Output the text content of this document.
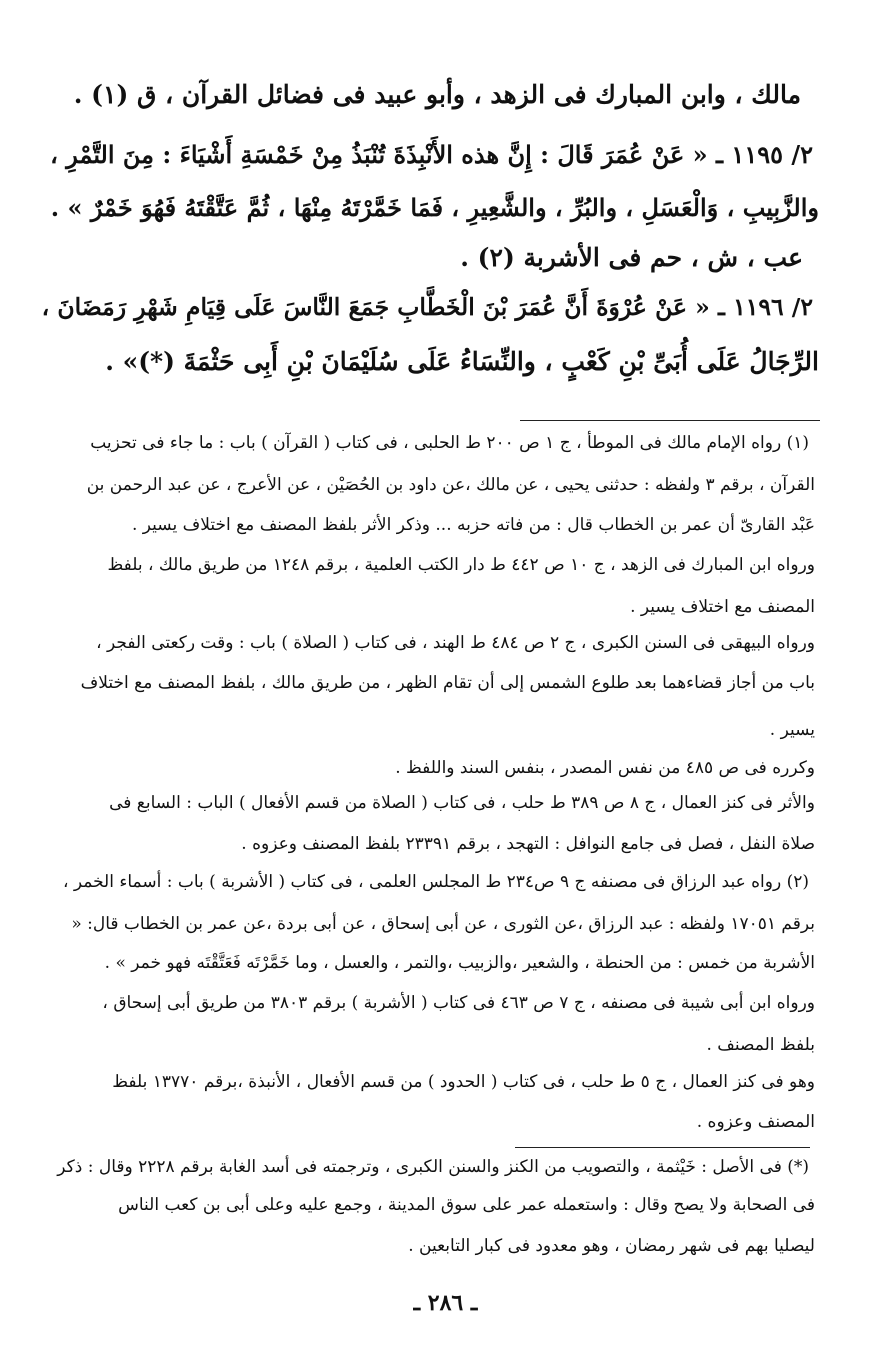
مالك ، وابن المبارك فى الزهد ، وأبو عبيد فى فضائل القرآن ، ق (١) .
٢/ ١١٩٥ ـ « عَنْ عُمَرَ قَالَ : إِنَّ هذه الأَنْبِذَةَ تُنْبَذُ مِنْ خَمْسَةِ أَشْيَاءَ : مِنَ التَّمْرِ ،
والزَّبِيبِ ، وَالْعَسَلِ ، والبُرِّ ، والشَّعِيرِ ، فَمَا خَمَّرْتَهُ مِنْهَا ، ثُمَّ عَتَّقْتَهُ فَهُوَ خَمْرٌ » .
عب ، ش ، حم فى الأشربة (٢) .
٢/ ١١٩٦ ـ « عَنْ عُرْوَةَ أَنَّ عُمَرَ بْنَ الْخَطَّابِ جَمَعَ النَّاسَ عَلَى قِيَامِ شَهْرِ رَمَضَانَ ،
الرِّجَالُ عَلَى أُبَىِّ بْنِ كَعْبٍ ، والنِّسَاءُ عَلَى سُلَيْمَانَ بْنِ أَبِى حَثْمَةَ (*)» .
(١) رواه الإمام مالك فى الموطأ ، ج ١ ص ٢٠٠ ط الحلبى ، فى كتاب ( القرآن ) باب : ما جاء فى تحزيب
القرآن ، برقم ٣ ولفظه : حدثنى يحيى ، عن مالك ،عن داود بن الحُصَيْن ، عن الأعرج ، عن عبد الرحمن بن
عَبْد القارىّ أن عمر بن الخطاب قال : من فاته حزبه ... وذكر الأثر بلفظ المصنف مع اختلاف يسير .
ورواه ابن المبارك فى الزهد ، ج ١٠ ص ٤٤٢ ط دار الكتب العلمية ، برقم ١٢٤٨ من طريق مالك ، بلفظ
المصنف مع اختلاف يسير .
ورواه البيهقى فى السنن الكبرى ، ج ٢ ص ٤٨٤ ط الهند ، فى كتاب ( الصلاة ) باب : وقت ركعتى الفجر ،
باب من أجاز قضاءهما بعد طلوع الشمس إلى أن تقام الظهر ، من طريق مالك ، بلفظ المصنف مع اختلاف
يسير .
وكرره فى ص ٤٨٥ من نفس المصدر ، بنفس السند واللفظ .
والأثر فى كنز العمال ، ج ٨ ص ٣٨٩ ط حلب ، فى كتاب ( الصلاة من قسم الأفعال ) الباب : السابع فى
صلاة النفل ، فصل فى جامع النوافل : التهجد ، برقم ٢٣٣٩١ بلفظ المصنف وعزوه .
(٢) رواه عبد الرزاق فى مصنفه ج ٩ ص٢٣٤ ط المجلس العلمى ، فى كتاب ( الأشربة ) باب : أسماء الخمر ،
برقم ١٧٠٥١ ولفظه : عبد الرزاق ،عن الثورى ، عن أبى إسحاق ، عن أبى بردة ،عن عمر بن الخطاب قال: «
الأشربة من خمس : من الحنطة ، والشعير ،والزبيب ،والتمر ، والعسل ، وما خَمَّرْتَه فَعَتَّقْتَه فهو خمر » .
ورواه ابن أبى شيبة فى مصنفه ، ج ٧ ص ٤٦٣ فى كتاب ( الأشربة ) برقم ٣٨٠٣ من طريق أبى إسحاق ،
بلفظ المصنف .
وهو فى كنز العمال ، ج ٥ ط حلب ، فى كتاب ( الحدود ) من قسم الأفعال ، الأنبذة ،برقم ١٣٧٧٠ بلفظ
المصنف وعزوه .
(*) فى الأصل : خَيْثمة ، والتصويب من الكنز والسنن الكبرى ، وترجمته فى أسد الغابة برقم ٢٢٢٨ وقال : ذكر
فى الصحابة ولا يصح وقال : واستعمله عمر على سوق المدينة ، وجمع عليه وعلى أبى بن كعب الناس
ليصليا بهم فى شهر رمضان ، وهو معدود فى كبار التابعين .
ـ ٢٨٦ ـ
